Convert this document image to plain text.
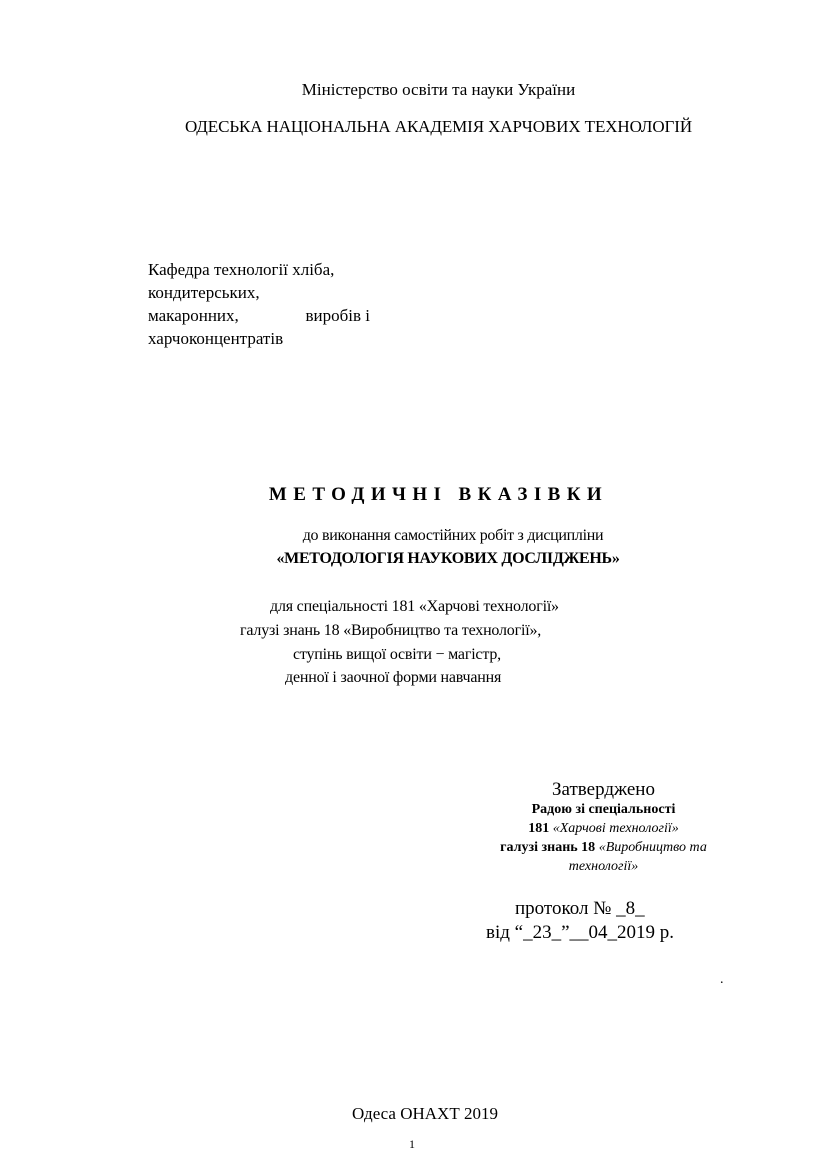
Міністерство освіти та науки України
ОДЕСЬКА НАЦІОНАЛЬНА АКАДЕМІЯ ХАРЧОВИХ ТЕХНОЛОГІЙ
Кафедра технології хліба,
кондитерських,
макаронних,	виробів і
харчоконцентратів
МЕТОДИЧНІ ВКАЗІВКИ
до виконання самостійних робіт з дисципліни
«МЕТОДОЛОГІЯ НАУКОВИХ ДОСЛІДЖЕНЬ»
для спеціальності 181 «Харчові технології»
галузі знань 18 «Виробництво та технології»,
ступінь вищої освіти − магістр,
денної і заочної форми навчання
Затверджено
Радою зі спеціальності
181 «Харчові технології»
галузі знань 18 «Виробництво та
технології»
протокол № _8_
від “_23_”__04_2019 р.
.
Одеса ОНАХТ 2019
1
